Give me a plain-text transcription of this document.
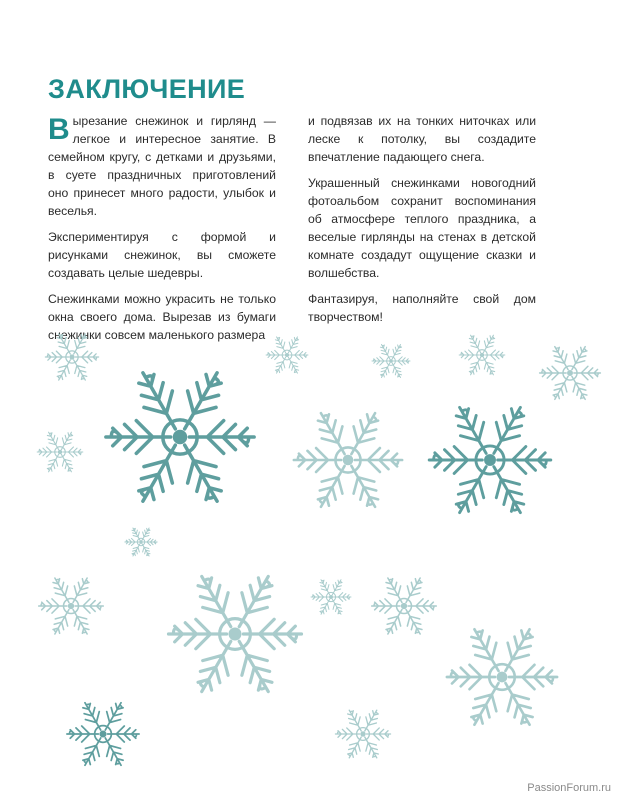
ЗАКЛЮЧЕНИЕ

Вырезание снежинок и гирлянд — легкое и интересное занятие. В семейном кругу, с детками и друзьями, в суете праздничных приготовлений оно принесет много радости, улыбок и веселья.

Экспериментируя с формой и рисунками снежинок, вы сможете создавать целые шедевры.

Снежинками можно украсить не только окна своего дома. Вырезав из бумаги снежинки совсем маленького размера

и подвязав их на тонких ниточках или леске к потолку, вы создадите впечатление падающего снега.

Украшенный снежинками новогодний фотоальбом сохранит воспоминания об атмосфере теплого праздника, а веселые гирлянды на стенах в детской комнате создадут ощущение сказки и волшебства.

Фантазируя, наполняйте свой дом творчеством!

PassionForum.ru
